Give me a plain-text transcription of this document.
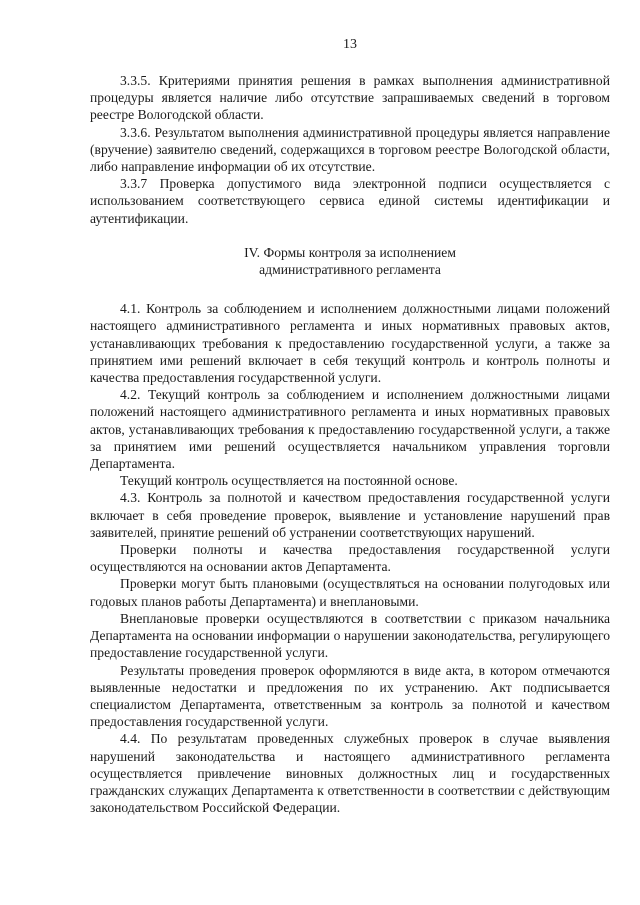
13

3.3.5. Критериями принятия решения в рамках выполнения административной процедуры является наличие либо отсутствие запрашиваемых сведений в торговом реестре Вологодской области.

3.3.6. Результатом выполнения административной процедуры является направление (вручение) заявителю сведений, содержащихся в торговом реестре Вологодской области, либо направление информации об их отсутствие.

3.3.7 Проверка допустимого вида электронной подписи осуществляется с использованием соответствующего сервиса единой системы идентификации и аутентификации.

IV. Формы контроля за исполнением
административного регламента

4.1. Контроль за соблюдением и исполнением должностными лицами положений настоящего административного регламента и иных нормативных правовых актов, устанавливающих требования к предоставлению государственной услуги, а также за принятием ими решений включает в себя текущий контроль и контроль полноты и качества предоставления государственной услуги.

4.2. Текущий контроль за соблюдением и исполнением должностными лицами положений настоящего административного регламента и иных нормативных правовых актов, устанавливающих требования к предоставлению государственной услуги, а также за принятием ими решений осуществляется начальником управления торговли Департамента.

Текущий контроль осуществляется на постоянной основе.

4.3. Контроль за полнотой и качеством предоставления государственной услуги включает в себя проведение проверок, выявление и установление нарушений прав заявителей, принятие решений об устранении соответствующих нарушений.

Проверки полноты и качества предоставления государственной услуги осуществляются на основании актов Департамента.

Проверки могут быть плановыми (осуществляться на основании полугодовых или годовых планов работы Департамента) и внеплановыми.

Внеплановые проверки осуществляются в соответствии с приказом начальника Департамента на основании информации о нарушении законодательства, регулирующего предоставление государственной услуги.

Результаты проведения проверок оформляются в виде акта, в котором отмечаются выявленные недостатки и предложения по их устранению. Акт подписывается специалистом Департамента, ответственным за контроль за полнотой и качеством предоставления государственной услуги.

4.4. По результатам проведенных служебных проверок в случае выявления нарушений законодательства и настоящего административного регламента осуществляется привлечение виновных должностных лиц и государственных гражданских служащих Департамента к ответственности в соответствии с действующим законодательством Российской Федерации.
